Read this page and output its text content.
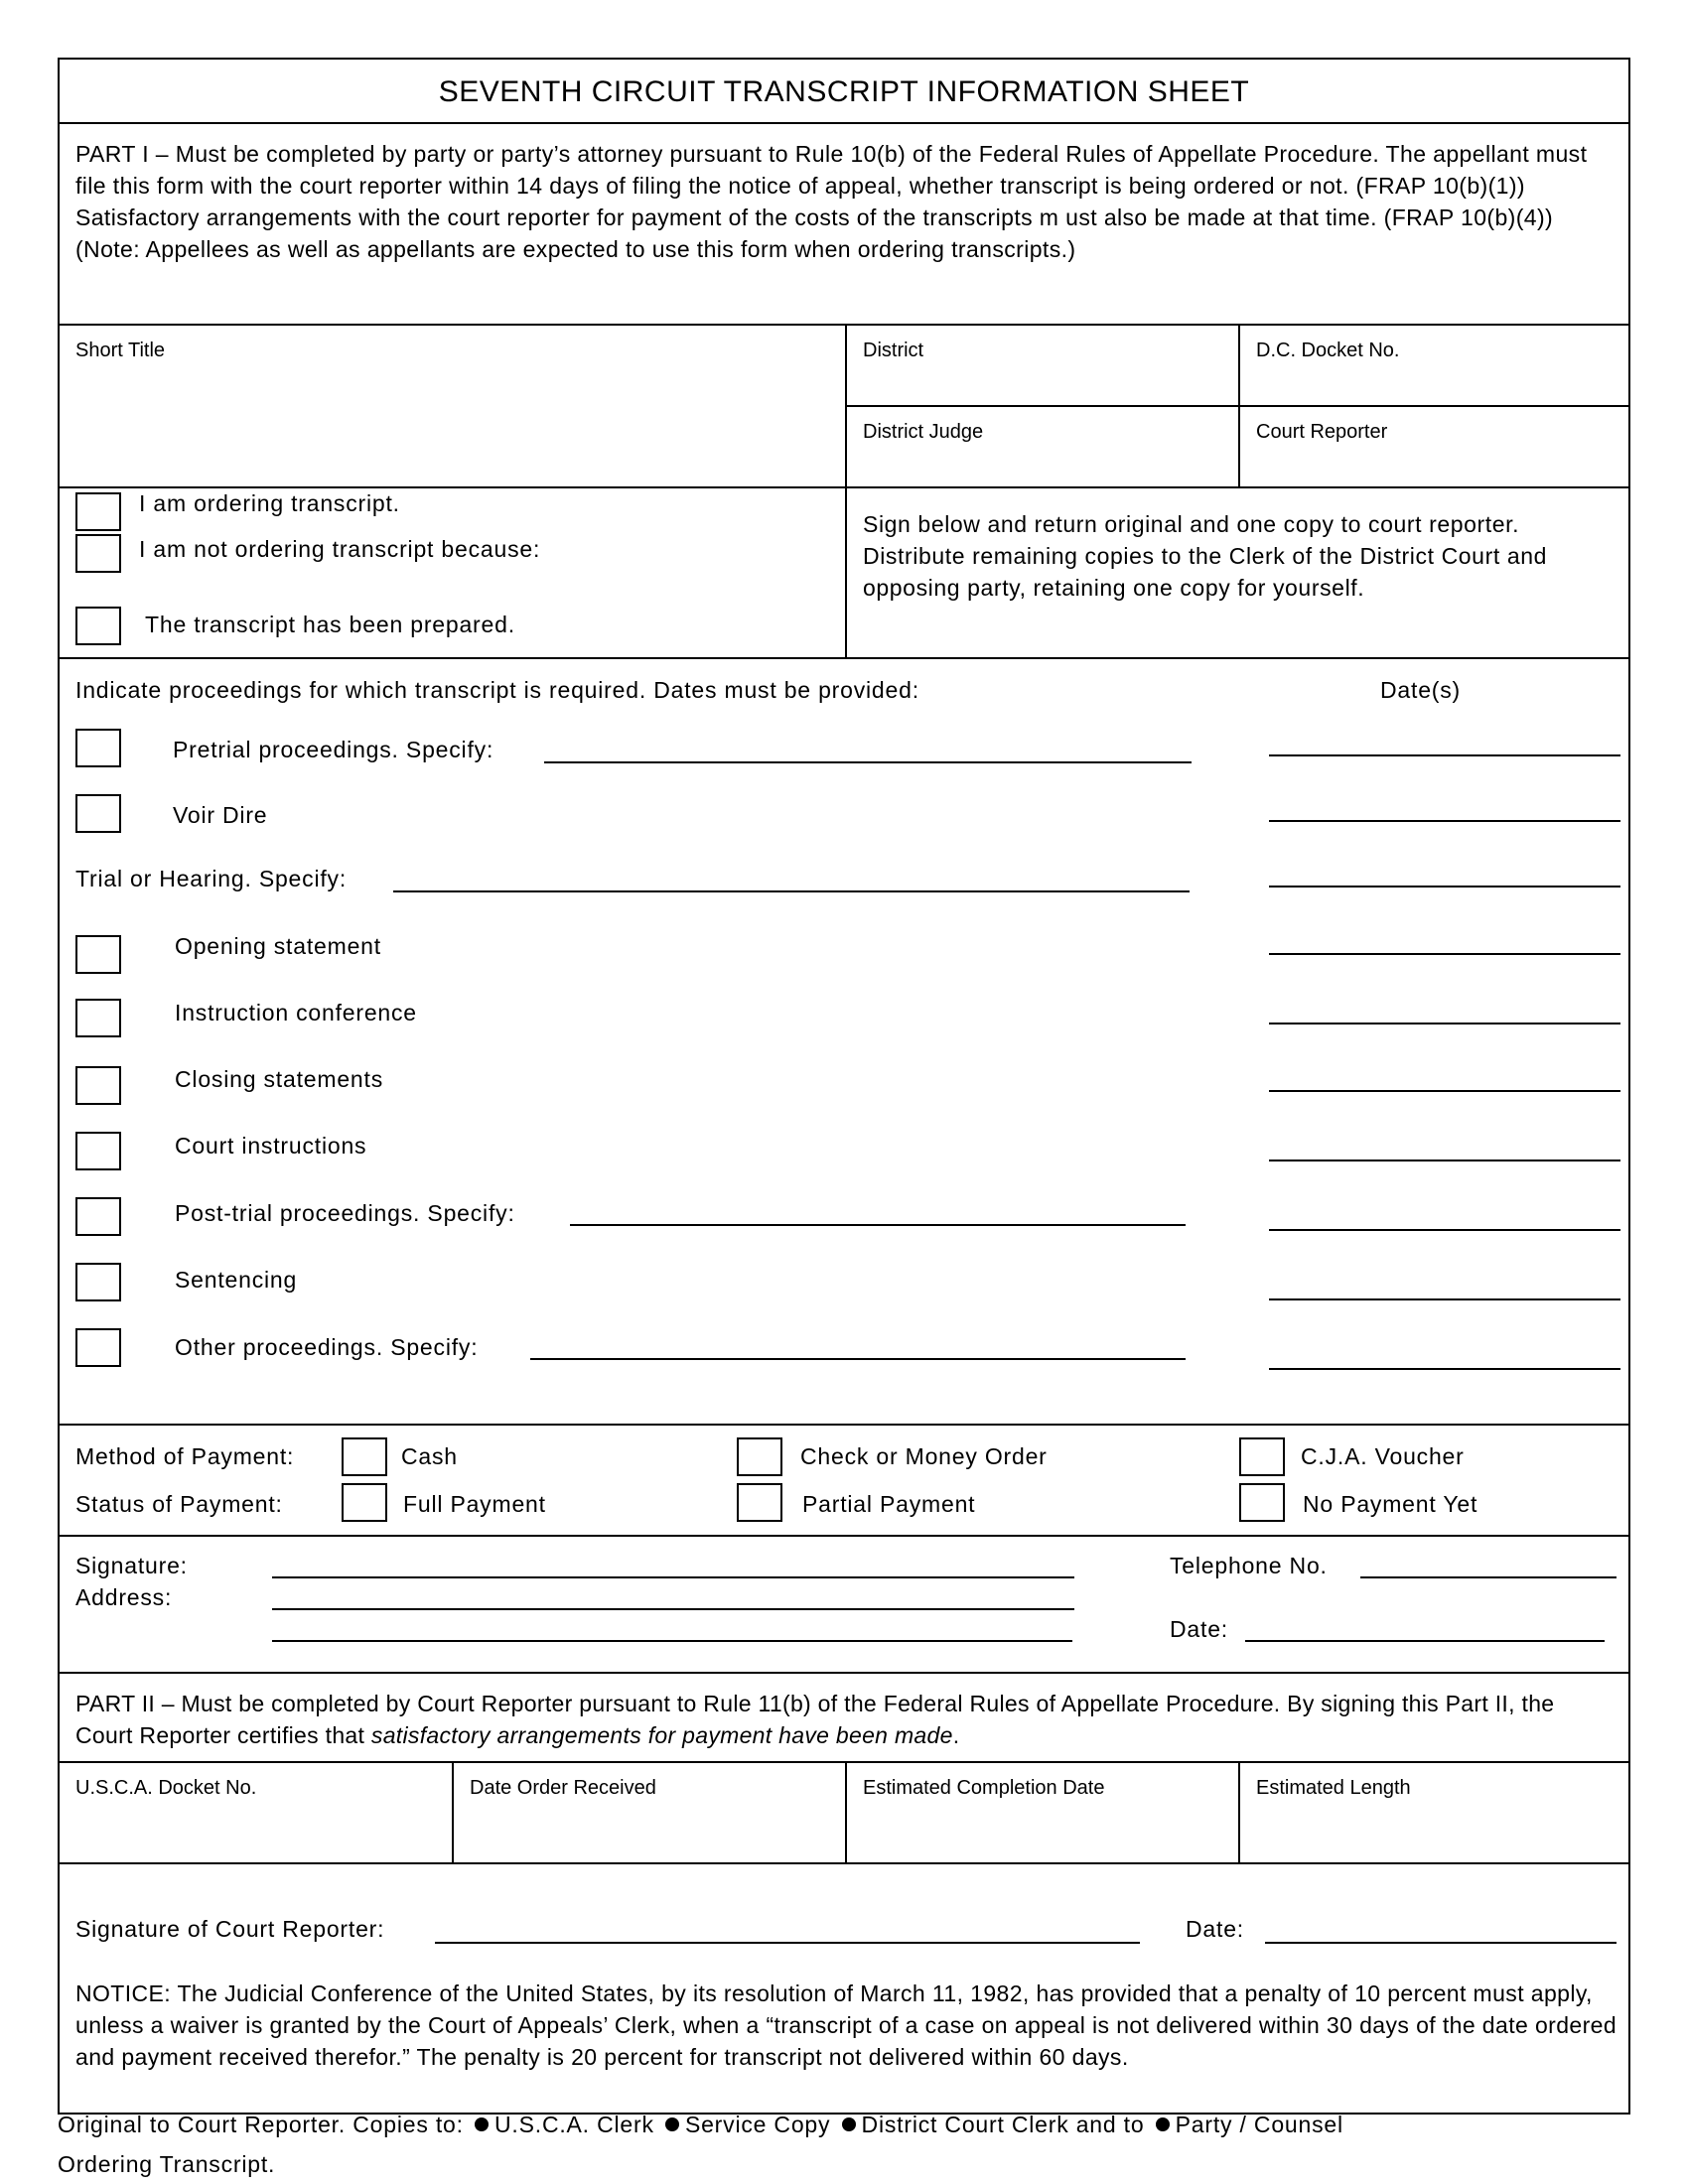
SEVENTH CIRCUIT TRANSCRIPT INFORMATION SHEET
PART I – Must be completed by party or party’s attorney pursuant to Rule 10(b) of the Federal Rules of Appellate Procedure. The appellant must file this form with the court reporter within 14 days of filing the notice of appeal, whether transcript is being ordered or not. (FRAP 10(b)(1)) Satisfactory arrangements with the court reporter for payment of the costs of the transcripts m ust also be made at that time. (FRAP 10(b)(4)) (Note: Appellees as well as appellants are expected to use this form when ordering transcripts.)
Short Title	District	D.C. Docket No.
District Judge	Court Reporter
I am ordering transcript.
I am not ordering transcript because:
The transcript has been prepared.
Sign below and return original and one copy to court reporter. Distribute remaining copies to the Clerk of the District Court and opposing party, retaining one copy for yourself.
Indicate proceedings for which transcript is required. Dates must be provided:	Date(s)
Pretrial proceedings. Specify:
Voir Dire
Trial or Hearing. Specify:
Opening statement
Instruction conference
Closing statements
Court instructions
Post-trial proceedings. Specify:
Sentencing
Other proceedings. Specify:
Method of Payment:	Cash	Check or Money Order	C.J.A. Voucher
Status of Payment:	Full Payment	Partial Payment	No Payment Yet
Signature:
Address:
Telephone No.
Date:
PART II – Must be completed by Court Reporter pursuant to Rule 11(b) of the Federal Rules of Appellate Procedure. By signing this Part II, the Court Reporter certifies that satisfactory arrangements for payment have been made.
U.S.C.A. Docket No.	Date Order Received	Estimated Completion Date	Estimated Length
Signature of Court Reporter:	Date:
NOTICE: The Judicial Conference of the United States, by its resolution of March 11, 1982, has provided that a penalty of 10 percent must apply, unless a waiver is granted by the Court of Appeals’ Clerk, when a “transcript of a case on appeal is not delivered within 30 days of the date ordered and payment received therefor.” The penalty is 20 percent for transcript not delivered within 60 days.
Original to Court Reporter. Copies to: U.S.C.A. Clerk Service Copy District Court Clerk and to Party / Counsel
Ordering Transcript.
